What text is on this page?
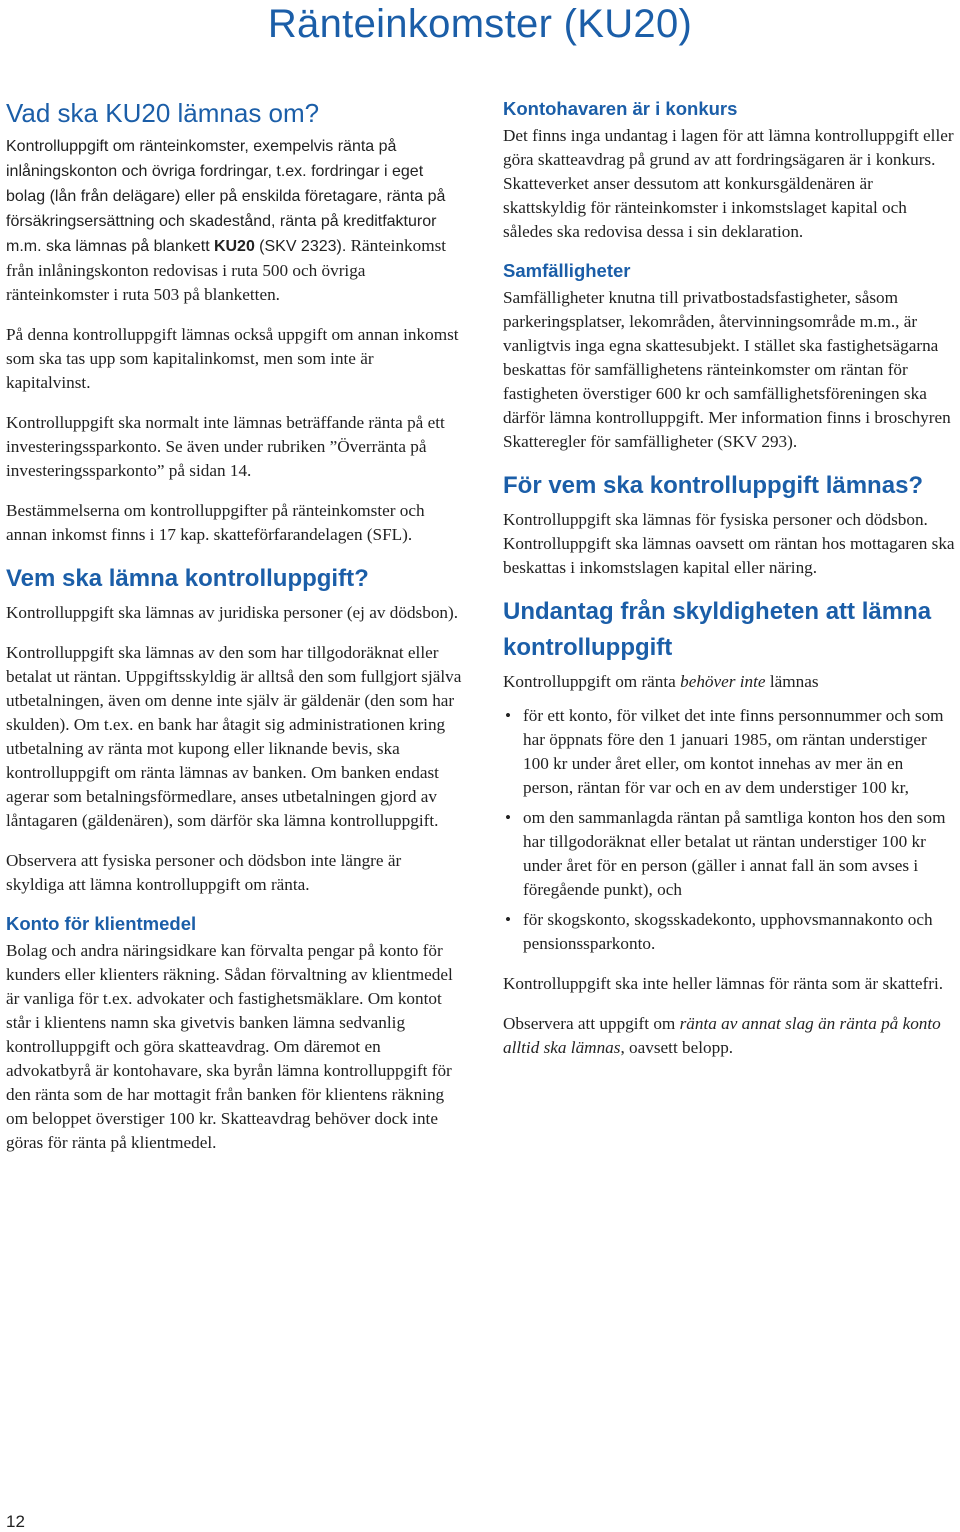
Ränteinkomster (KU20)
Vad ska KU20 lämnas om?

Kontrolluppgift om ränteinkomster, exempelvis ränta på inlåningskonton och övriga fordringar, t.ex. fordringar i eget bolag (lån från delägare) eller på enskilda företagare, ränta på försäkringsersättning och skadestånd, ränta på kreditfakturor m.m. ska lämnas på blankett KU20 (SKV 2323). Ränteinkomst från inlåningskonton redovisas i ruta 500 och övriga ränteinkomster i ruta 503 på blanketten.

På denna kontrolluppgift lämnas också uppgift om annan inkomst som ska tas upp som kapitalinkomst, men som inte är kapitalvinst.

Kontrolluppgift ska normalt inte lämnas beträffande ränta på ett investeringssparkonto. Se även under rubriken ”Överränta på investeringssparkonto” på sidan 14.

Bestämmelserna om kontrolluppgifter på ränteinkomster och annan inkomst finns i 17 kap. skatteförfarandelagen (SFL).

Vem ska lämna kontrolluppgift?

Kontrolluppgift ska lämnas av juridiska personer (ej av dödsbon).

Kontrolluppgift ska lämnas av den som har tillgodoräknat eller betalat ut räntan. Uppgiftsskyldig är alltså den som fullgjort själva utbetalningen, även om denne inte själv är gäldenär (den som har skulden). Om t.ex. en bank har åtagit sig administrationen kring utbetalning av ränta mot kupong eller liknande bevis, ska kontrolluppgift om ränta lämnas av banken. Om banken endast agerar som betalningsförmedlare, anses utbetalningen gjord av låntagaren (gäldenären), som därför ska lämna kontrolluppgift.

Observera att fysiska personer och dödsbon inte längre är skyldiga att lämna kontrolluppgift om ränta.

Konto för klientmedel

Bolag och andra näringsidkare kan förvalta pengar på konto för kunders eller klienters räkning. Sådan förvaltning av klientmedel är vanliga för t.ex. advokater och fastighetsmäklare. Om kontot står i klientens namn ska givetvis banken lämna sedvanlig kontrolluppgift och göra skatteavdrag. Om däremot en advokatbyrå är kontohavare, ska byrån lämna kontrolluppgift för den ränta som de har mottagit från banken för klientens räkning om beloppet överstiger 100 kr. Skatteavdrag behöver dock inte göras för ränta på klientmedel.

Kontohavaren är i konkurs

Det finns inga undantag i lagen för att lämna kontrolluppgift eller göra skatteavdrag på grund av att fordringsägaren är i konkurs. Skatteverket anser dessutom att konkursgäldenären är skattskyldig för ränteinkomster i inkomstslaget kapital och således ska redovisa dessa i sin deklaration.

Samfälligheter

Samfälligheter knutna till privatbostadsfastigheter, såsom parkeringsplatser, lekområden, återvinningsområde m.m., är vanligtvis inga egna skattesubjekt. I stället ska fastighetsägarna beskattas för samfällighetens ränteinkomster om räntan för fastigheten överstiger 600 kr och samfällighetsföreningen ska därför lämna kontrolluppgift. Mer information finns i broschyren Skatteregler för samfälligheter (SKV 293).

För vem ska kontrolluppgift lämnas?

Kontrolluppgift ska lämnas för fysiska personer och dödsbon. Kontrolluppgift ska lämnas oavsett om räntan hos mottagaren ska beskattas i inkomstslagen kapital eller näring.

Undantag från skyldigheten att lämna kontrolluppgift

Kontrolluppgift om ränta behöver inte lämnas

• för ett konto, för vilket det inte finns personnummer och som har öppnats före den 1 januari 1985, om räntan understiger 100 kr under året eller, om kontot innehas av mer än en person, räntan för var och en av dem understiger 100 kr,
• om den sammanlagda räntan på samtliga konton hos den som har tillgodoräknat eller betalat ut räntan understiger 100 kr under året för en person (gäller i annat fall än som avses i föregående punkt), och
• för skogskonto, skogsskadekonto, upphovsmannakonto och pensionssparkonto.

Kontrolluppgift ska inte heller lämnas för ränta som är skattefri.

Observera att uppgift om ränta av annat slag än ränta på konto alltid ska lämnas, oavsett belopp.

12
